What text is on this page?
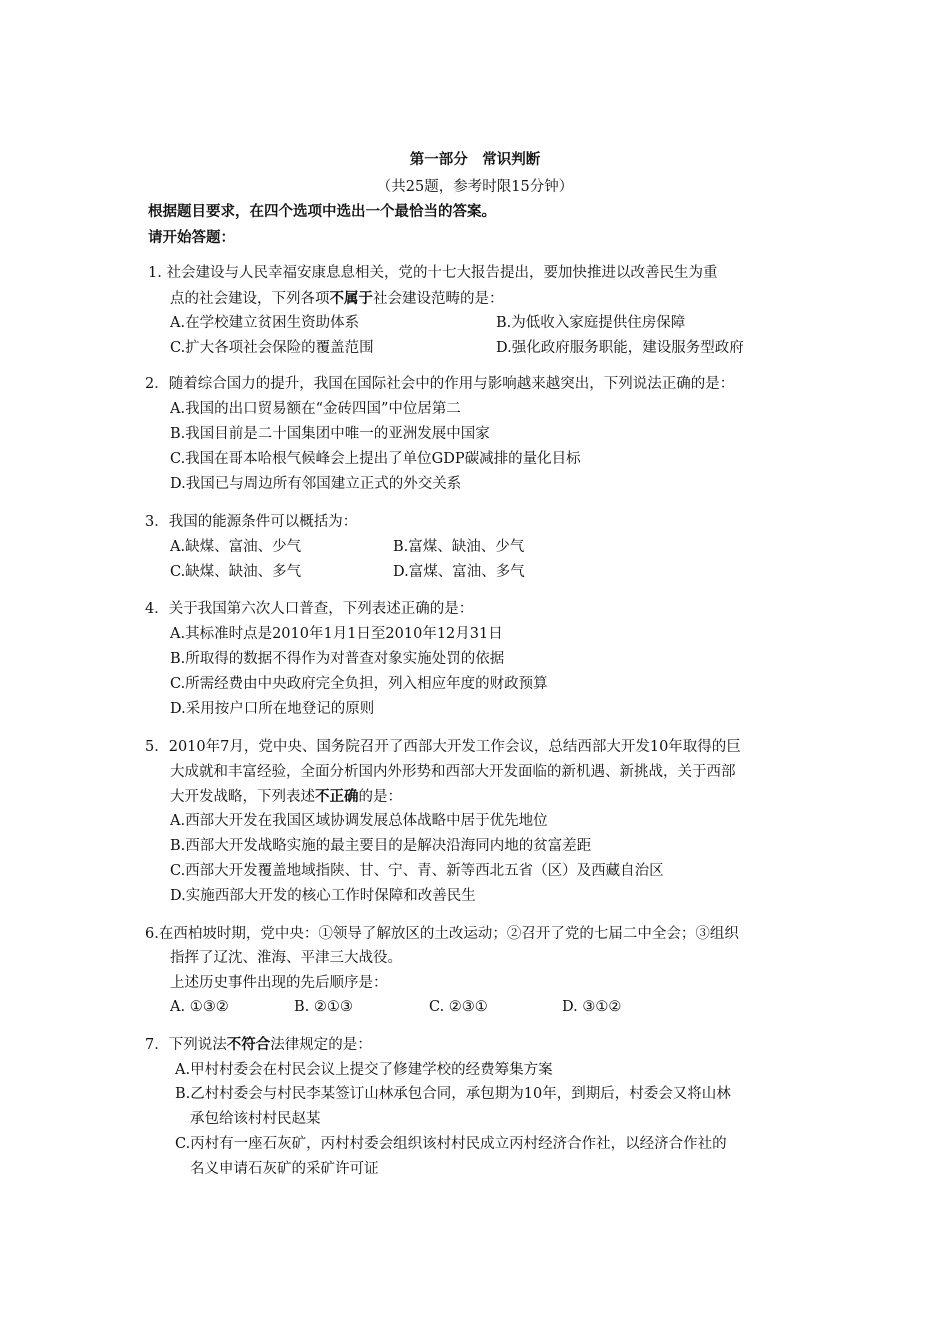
第一部分　常识判断
（共25题，参考时限15分钟）
根据题目要求，在四个选项中选出一个最恰当的答案。
请开始答题：
1. 社会建设与人民幸福安康息息相关，党的十七大报告提出，要加快推进以改善民生为重
点的社会建设，下列各项不属于社会建设范畴的是：
A.在学校建立贫困生资助体系	B.为低收入家庭提供住房保障
C.扩大各项社会保险的覆盖范围	D.强化政府服务职能，建设服务型政府
2．随着综合国力的提升，我国在国际社会中的作用与影响越来越突出，下列说法正确的是：
A.我国的出口贸易额在“金砖四国”中位居第二
B.我国目前是二十国集团中唯一的亚洲发展中国家
C.我国在哥本哈根气候峰会上提出了单位GDP碳减排的量化目标
D.我国已与周边所有邻国建立正式的外交关系
3．我国的能源条件可以概括为：
A.缺煤、富油、少气	B.富煤、缺油、少气
C.缺煤、缺油、多气	D.富煤、富油、多气
4．关于我国第六次人口普查，下列表述正确的是：
A.其标准时点是2010年1月1日至2010年12月31日
B.所取得的数据不得作为对普查对象实施处罚的依据
C.所需经费由中央政府完全负担，列入相应年度的财政预算
D.采用按户口所在地登记的原则
5．2010年7月，党中央、国务院召开了西部大开发工作会议，总结西部大开发10年取得的巨
大成就和丰富经验，全面分析国内外形势和西部大开发面临的新机遇、新挑战，关于西部
大开发战略，下列表述不正确的是：
A.西部大开发在我国区域协调发展总体战略中居于优先地位
B.西部大开发战略实施的最主要目的是解决沿海同内地的贫富差距
C.西部大开发覆盖地域指陕、甘、宁、青、新等西北五省（区）及西藏自治区
D.实施西部大开发的核心工作时保障和改善民生
6.在西柏坡时期，党中央：①领导了解放区的土改运动；②召开了党的七届二中全会；③组织
指挥了辽沈、淮海、平津三大战役。
上述历史事件出现的先后顺序是：
A. ①③②	B. ②①③	C. ②③①	D. ③①②
7．下列说法不符合法律规定的是：
A.甲村村委会在村民会议上提交了修建学校的经费筹集方案
B.乙村村委会与村民李某签订山林承包合同，承包期为10年，到期后，村委会又将山林
承包给该村村民赵某
C.丙村有一座石灰矿，丙村村委会组织该村村民成立丙村经济合作社，以经济合作社的
名义申请石灰矿的采矿许可证
